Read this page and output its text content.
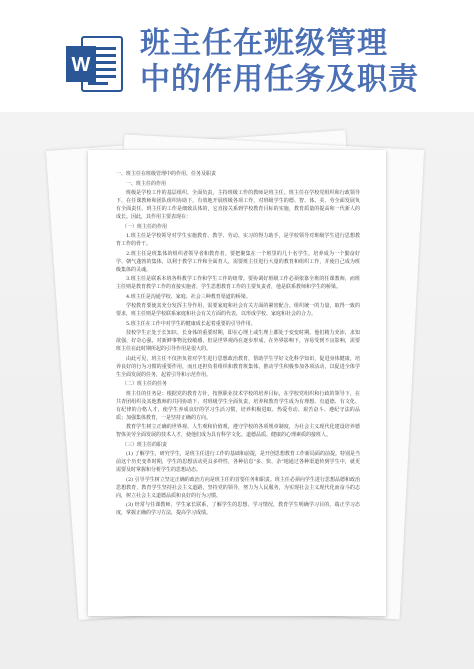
W
班主任在班级管理
中的作用任务及职责

一、班主任在班级管理中的作用、任务及职责

一、班主任的作用

班级是学校工作的基层组织，全面负责，主持班级工作的教师是班主任。班主任在学校党组织和行政领导下，在任课教师和团队组织协助下，有效地开展班级各项工作，对班级学生的德、智、体、美、劳全面发展负有全面责任。班主任的工作是细致具体的，它直接关系到学校教育目标的实施，教育质量的提高和一代新人的成长。因此，其作用主要表现在：

（一）班主任的作用

1.班主任是学校领导对学生实施教育、教学、劳动、实习的得力助手，是学校领导对班级学生进行思想教育工作的骨干。

2.班主任是班集体的组织者领导者和教育者。要把聚集在一个班里的几十名学生，培养成为一个勤奋好学、朝气蓬勃的集体，以利于教学工作和全面育人，需要班主任进行大量的教育和组织工作，并使自己成为班级集体的灵魂。

3.班主任是联系本班各科教学工作和学生工作的纽带。要协调好班级工作必须依靠全班的任课教师，而班主任则是教育教学工作的直接实施者，学生思想教育工作的主要负责者，他是联系教师和学生的桥梁。

4.班主任是沟通学校、家庭、社会三种教育渠道的桥梁。

学校教育要使其充分发挥主导作用，需要家庭和社会有关方面的紧密配合。组织统一的力量，取得一致的要求，班主任则是学校联系家庭和社会有关方面的代表，以形成学校、家庭和社会的合力。

5.班主任在工作中对学生的健康成长起着重要的引导作用。

技校学生正处于长知识、长身体的重要时期，即在心理上或生理上都处于变变时期。他们精力充沛，求知欲强，好奇心强，对新鲜事物比较敏感，但是世界观尚在逐步形成，在外界影响下，容易受到不良影响，需要班主任在此时期所起的引导作用是很大的。

由此可见，班主任不仅担负着对学生进行思想政治教育，帮助学生学好文化科学知识，促进身体健康，培养良好的行为习惯的重要作用，而且还担负着组织和教育班集体，推动学生积极参加各项活动，以促进全体学生全面发展的任务，起着引导和示范作用。

（二）班主任的任务

班主任的任务是：根据党的教育方针，按照职业技术学校的培养目标，在学校党组织和行政的领导下，在共青团组织及其他教师的共同协助下，对班级学生全面负责，培养和教育学生成为有理想、有道德、有文化、有纪律的合格人才，使学生养成良好的学习生活习惯，培养积极进取、热爱劳动、艰苦奋斗、遵纪守法的品质；加强集体教育，一是坚持正确的方向。

教育学生树立正确的世界观、人生观和价值观，遵守学校的各项规章制度，为社会主义现代化建设培养德智体美劳全面发展的技术人才，使他们成为具有科学文化、道德品质、健康的心理素质的接班人。

（三）班主任的职责

(1) 了解学生，研究学生，是班主任进行工作的基础和前提，是开创思想教育工作新局面的前提。特别是当前这个历史变革时期，学生的思想活动更具多样性，各种信息"多、快、杂"地通过各种渠道传到学生中，就更需要及时掌握和分析学生的思想动态。

(2) 引导学生树立坚定正确的政治方向是班主任的首要任务和职责。班主任必须向学生进行思想品德和政治思想教育，教育学生坚持社会主义道路，坚持党的领导，努力为人民服务，为实现社会主义现代化而奋斗的志向，树立社会主义道德品质和良好的行为习惯。

(3) 经常与任课教师、学生家长联系，了解学生的思想、学习情况，教育学生明确学习目的，端正学习态度，掌握正确的学习方法，提高学习成绩。
